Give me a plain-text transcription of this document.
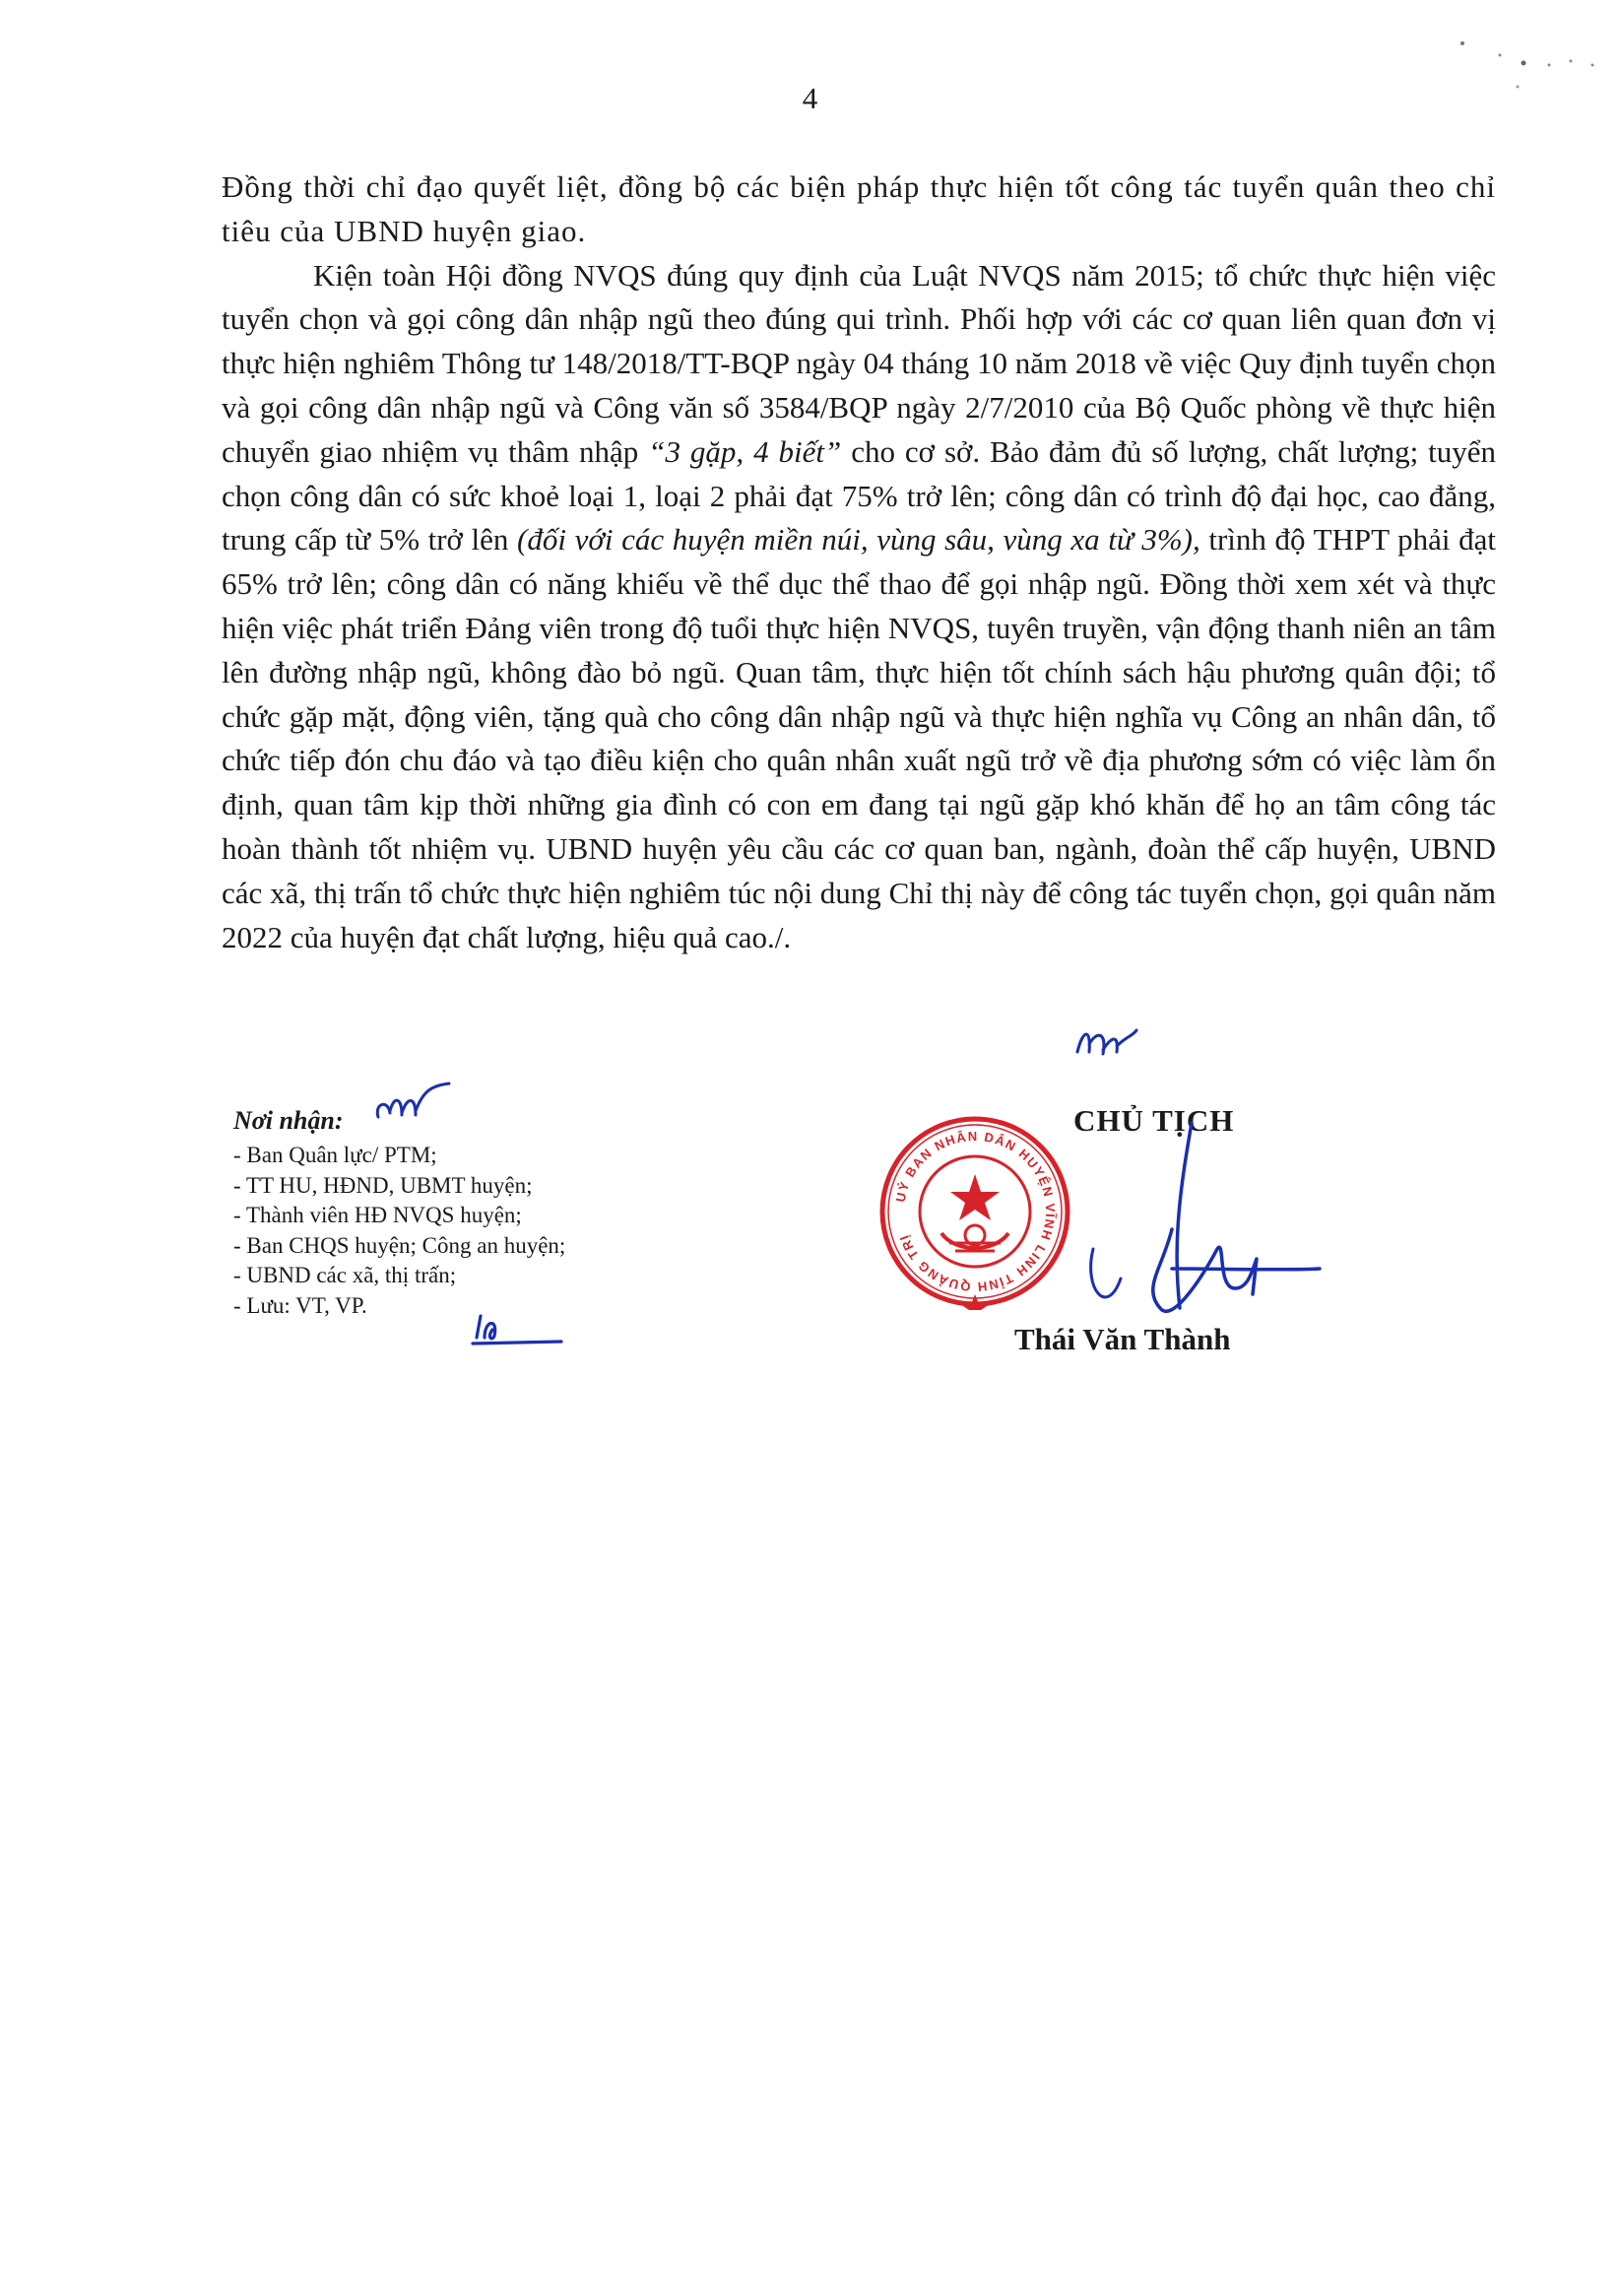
4

Đồng thời chỉ đạo quyết liệt, đồng bộ các biện pháp thực hiện tốt công tác tuyển quân theo chỉ tiêu của UBND huyện giao.

Kiện toàn Hội đồng NVQS đúng quy định của Luật NVQS năm 2015; tổ chức thực hiện việc tuyển chọn và gọi công dân nhập ngũ theo đúng qui trình. Phối hợp với các cơ quan liên quan đơn vị thực hiện nghiêm Thông tư 148/2018/TT-BQP ngày 04 tháng 10 năm 2018 về việc Quy định tuyển chọn và gọi công dân nhập ngũ và Công văn số 3584/BQP ngày 2/7/2010 của Bộ Quốc phòng về thực hiện chuyển giao nhiệm vụ thâm nhập “3 gặp, 4 biết” cho cơ sở. Bảo đảm đủ số lượng, chất lượng; tuyển chọn công dân có sức khoẻ loại 1, loại 2 phải đạt 75% trở lên; công dân có trình độ đại học, cao đẳng, trung cấp từ 5% trở lên (đối với các huyện miền núi, vùng sâu, vùng xa từ 3%), trình độ THPT phải đạt 65% trở lên; công dân có năng khiếu về thể dục thể thao để gọi nhập ngũ. Đồng thời xem xét và thực hiện việc phát triển Đảng viên trong độ tuổi thực hiện NVQS, tuyên truyền, vận động thanh niên an tâm lên đường nhập ngũ, không đào bỏ ngũ. Quan tâm, thực hiện tốt chính sách hậu phương quân đội; tổ chức gặp mặt, động viên, tặng quà cho công dân nhập ngũ và thực hiện nghĩa vụ Công an nhân dân, tổ chức tiếp đón chu đáo và tạo điều kiện cho quân nhân xuất ngũ trở về địa phương sớm có việc làm ổn định, quan tâm kịp thời những gia đình có con em đang tại ngũ gặp khó khăn để họ an tâm công tác hoàn thành tốt nhiệm vụ. UBND huyện yêu cầu các cơ quan ban, ngành, đoàn thể cấp huyện, UBND các xã, thị trấn tổ chức thực hiện nghiêm túc nội dung Chỉ thị này để công tác tuyển chọn, gọi quân năm 2022 của huyện đạt chất lượng, hiệu quả cao./.

Nơi nhận:
- Ban Quân lực/ PTM;
- TT HU, HĐND, UBMT huyện;
- Thành viên HĐ NVQS huyện;
- Ban CHQS huyện; Công an huyện;
- UBND các xã, thị trấn;
- Lưu: VT, VP.
CHỦ TỊCH
UỶ BAN NHÂN DÂN HUYỆN VĨNH LINH TỈNH QUẢNG TRỊ
Thái Văn Thành
